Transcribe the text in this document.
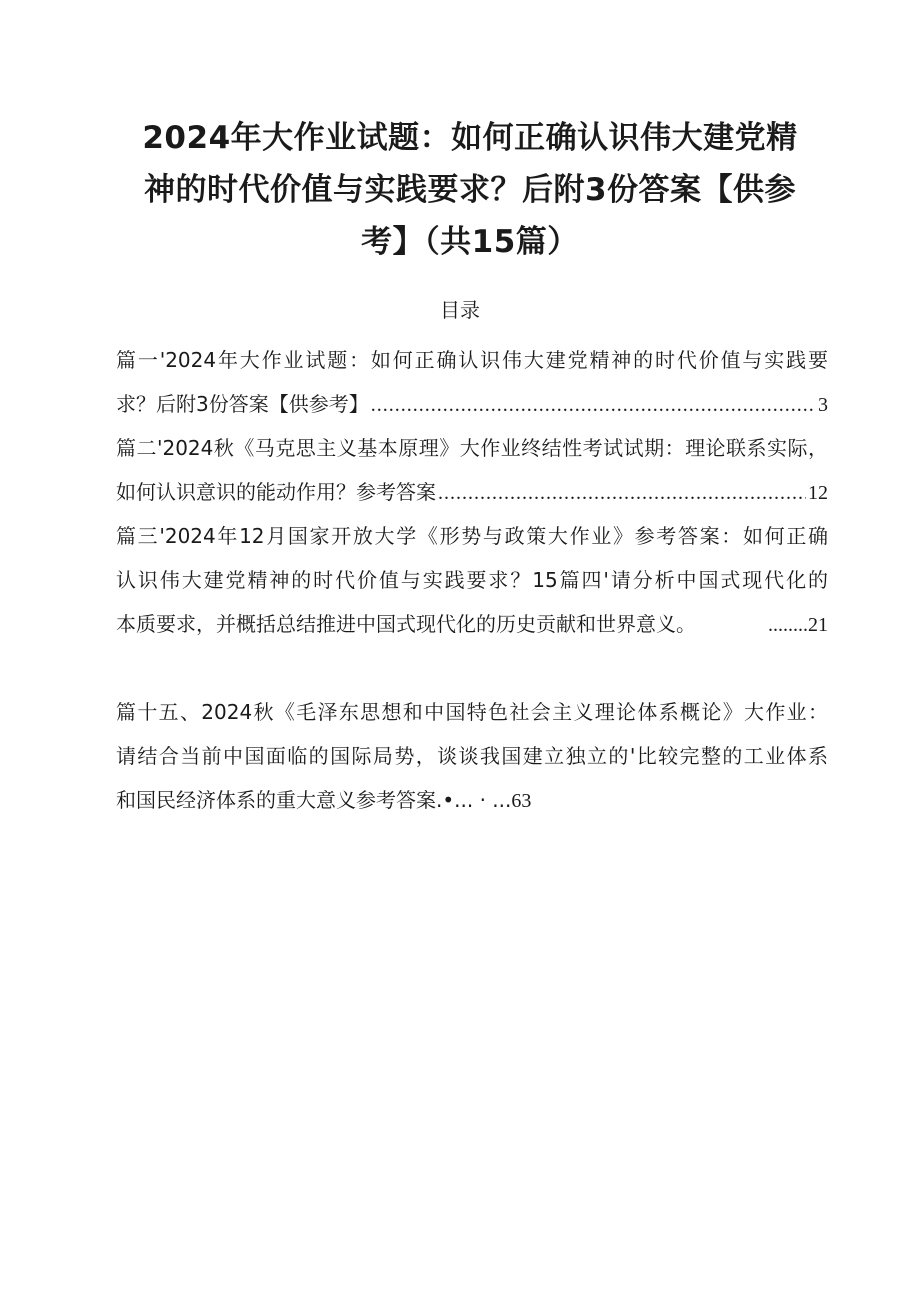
2024年大作业试题：如何正确认识伟大建党精
神的时代价值与实践要求？后附3份答案【供参
考】（共15篇）
目录
篇一'2024年大作业试题：如何正确认识伟大建党精神的时代价值与实践要
求？后附3份答案【供参考】 .....	3
篇二'2024秋《马克思主义基本原理》大作业终结性考试试期：理论联系实际，
如何认识意识的能动作用？参考答案 .....	12
篇三'2024年12月国家开放大学《形势与政策大作业》参考答案：如何正确
认识伟大建党精神的时代价值与实践要求？15篇四'请分析中国式现代化的
本质要求，并概括总结推进中国式现代化的历史贡献和世界意义。	........ 21
篇十五、2024秋《毛泽东思想和中国特色社会主义理论体系概论》大作业：
请结合当前中国面临的国际局势，谈谈我国建立独立的'比较完整的工业体系
和国民经济体系的重大意义参考答案.•... · ...63
